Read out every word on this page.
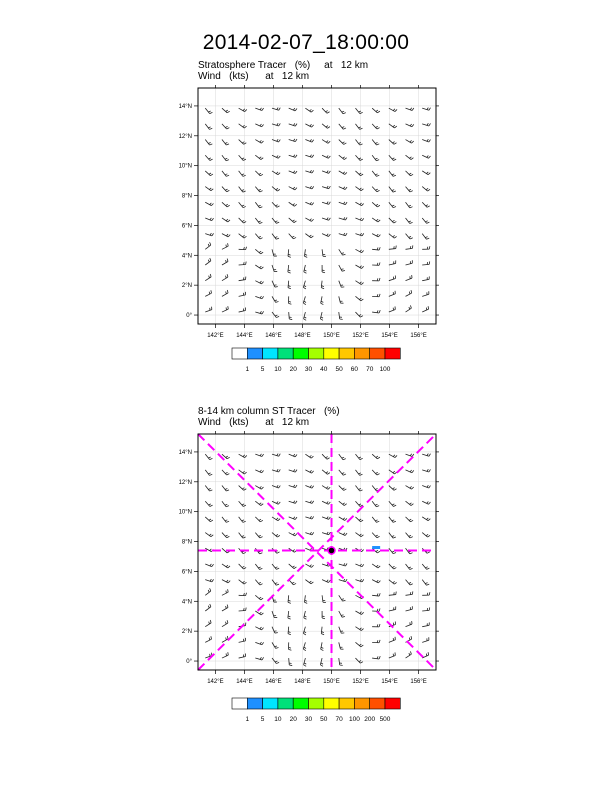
2014-02-07_18:00:00
Stratosphere Tracer   (%)     at   12 km
Wind   (kts)      at   12 km
8-14 km column ST Tracer   (%)
Wind   (kts)      at   12 km
142°E 144°E 146°E 148°E 150°E 152°E 154°E 156°E
0°
2°N
4°N
6°N
8°N
10°N
12°N
14°N
1 5 10 20 30 40 50 60 70 100
142°E 144°E 146°E 148°E 150°E 152°E 154°E 156°E
0°
2°N
4°N
6°N
8°N
10°N
12°N
14°N
1 5 10 20 30 50 70 100 200 500
